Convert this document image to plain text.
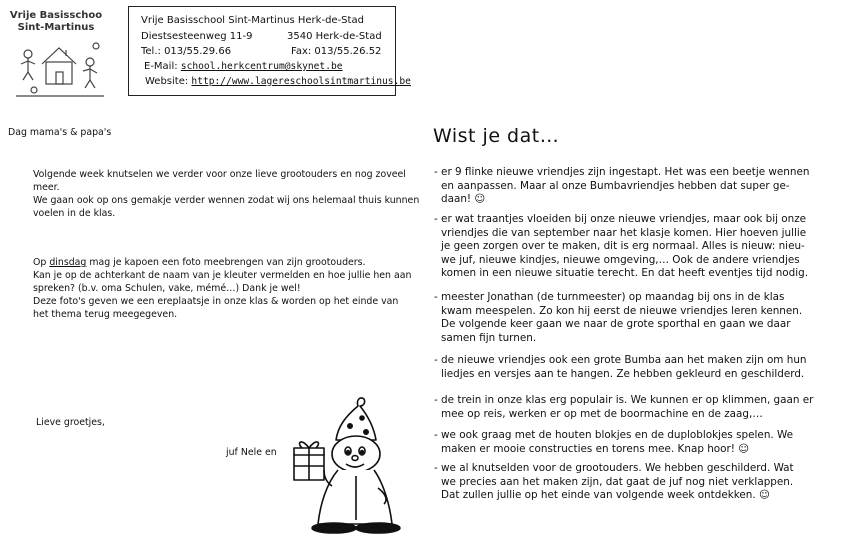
Vrije Basisschoo
Sint-Martinus
Vrije Basisschool Sint-Martinus Herk-de-Stad
Diestsesteenweg 11-9	3540 Herk-de-Stad
Tel.: 013/55.29.66	Fax: 013/55.26.52
E-Mail: school.herkcentrum@skynet.be
Website: http://www.lagereschoolsintmartinus.be
Dag mama's & papa's
Volgende week knutselen we verder voor onze lieve grootouders en nog zoveel
meer.
We gaan ook op ons gemakje verder wennen zodat wij ons helemaal thuis kunnen
voelen in de klas.
Op dinsdag mag je kapoen een foto meebrengen van zijn grootouders.
Kan je op de achterkant de naam van je kleuter vermelden en hoe jullie hen aan
spreken? (b.v. oma Schulen, vake, mémé…) Dank je wel!
Deze foto's geven we een ereplaatsje in onze klas & worden op het einde van
het thema terug meegegeven.
Lieve groetjes,
juf Nele en
Wist je dat…
- er 9 flinke nieuwe vriendjes zijn ingestapt. Het was een beetje wennen
en aanpassen. Maar al onze Bumbavriendjes hebben dat super ge-
daan! ☺
- er wat traantjes vloeiden bij onze nieuwe vriendjes, maar ook bij onze
vriendjes die van september naar het klasje komen. Hier hoeven jullie
je geen zorgen over te maken, dit is erg normaal. Alles is nieuw: nieu-
we juf, nieuwe kindjes, nieuwe omgeving,… Ook de andere vriendjes
komen in een nieuwe situatie terecht. En dat heeft eventjes tijd nodig.
- meester Jonathan (de turnmeester) op maandag bij ons in de klas
kwam meespelen. Zo kon hij eerst de nieuwe vriendjes leren kennen.
De volgende keer gaan we naar de grote sporthal en gaan we daar
samen fijn turnen.
- de nieuwe vriendjes ook een grote Bumba aan het maken zijn om hun
liedjes en versjes aan te hangen. Ze hebben gekleurd en geschilderd.
- de trein in onze klas erg populair is. We kunnen er op klimmen, gaan er
mee op reis, werken er op met de boormachine en de zaag,…
- we ook graag met de houten blokjes en de duploblokjes spelen. We
maken er mooie constructies en torens mee. Knap hoor! ☺
- we al knutselden voor de grootouders. We hebben geschilderd. Wat
we precies aan het maken zijn, dat gaat de juf nog niet verklappen.
Dat zullen jullie op het einde van volgende week ontdekken. ☺
